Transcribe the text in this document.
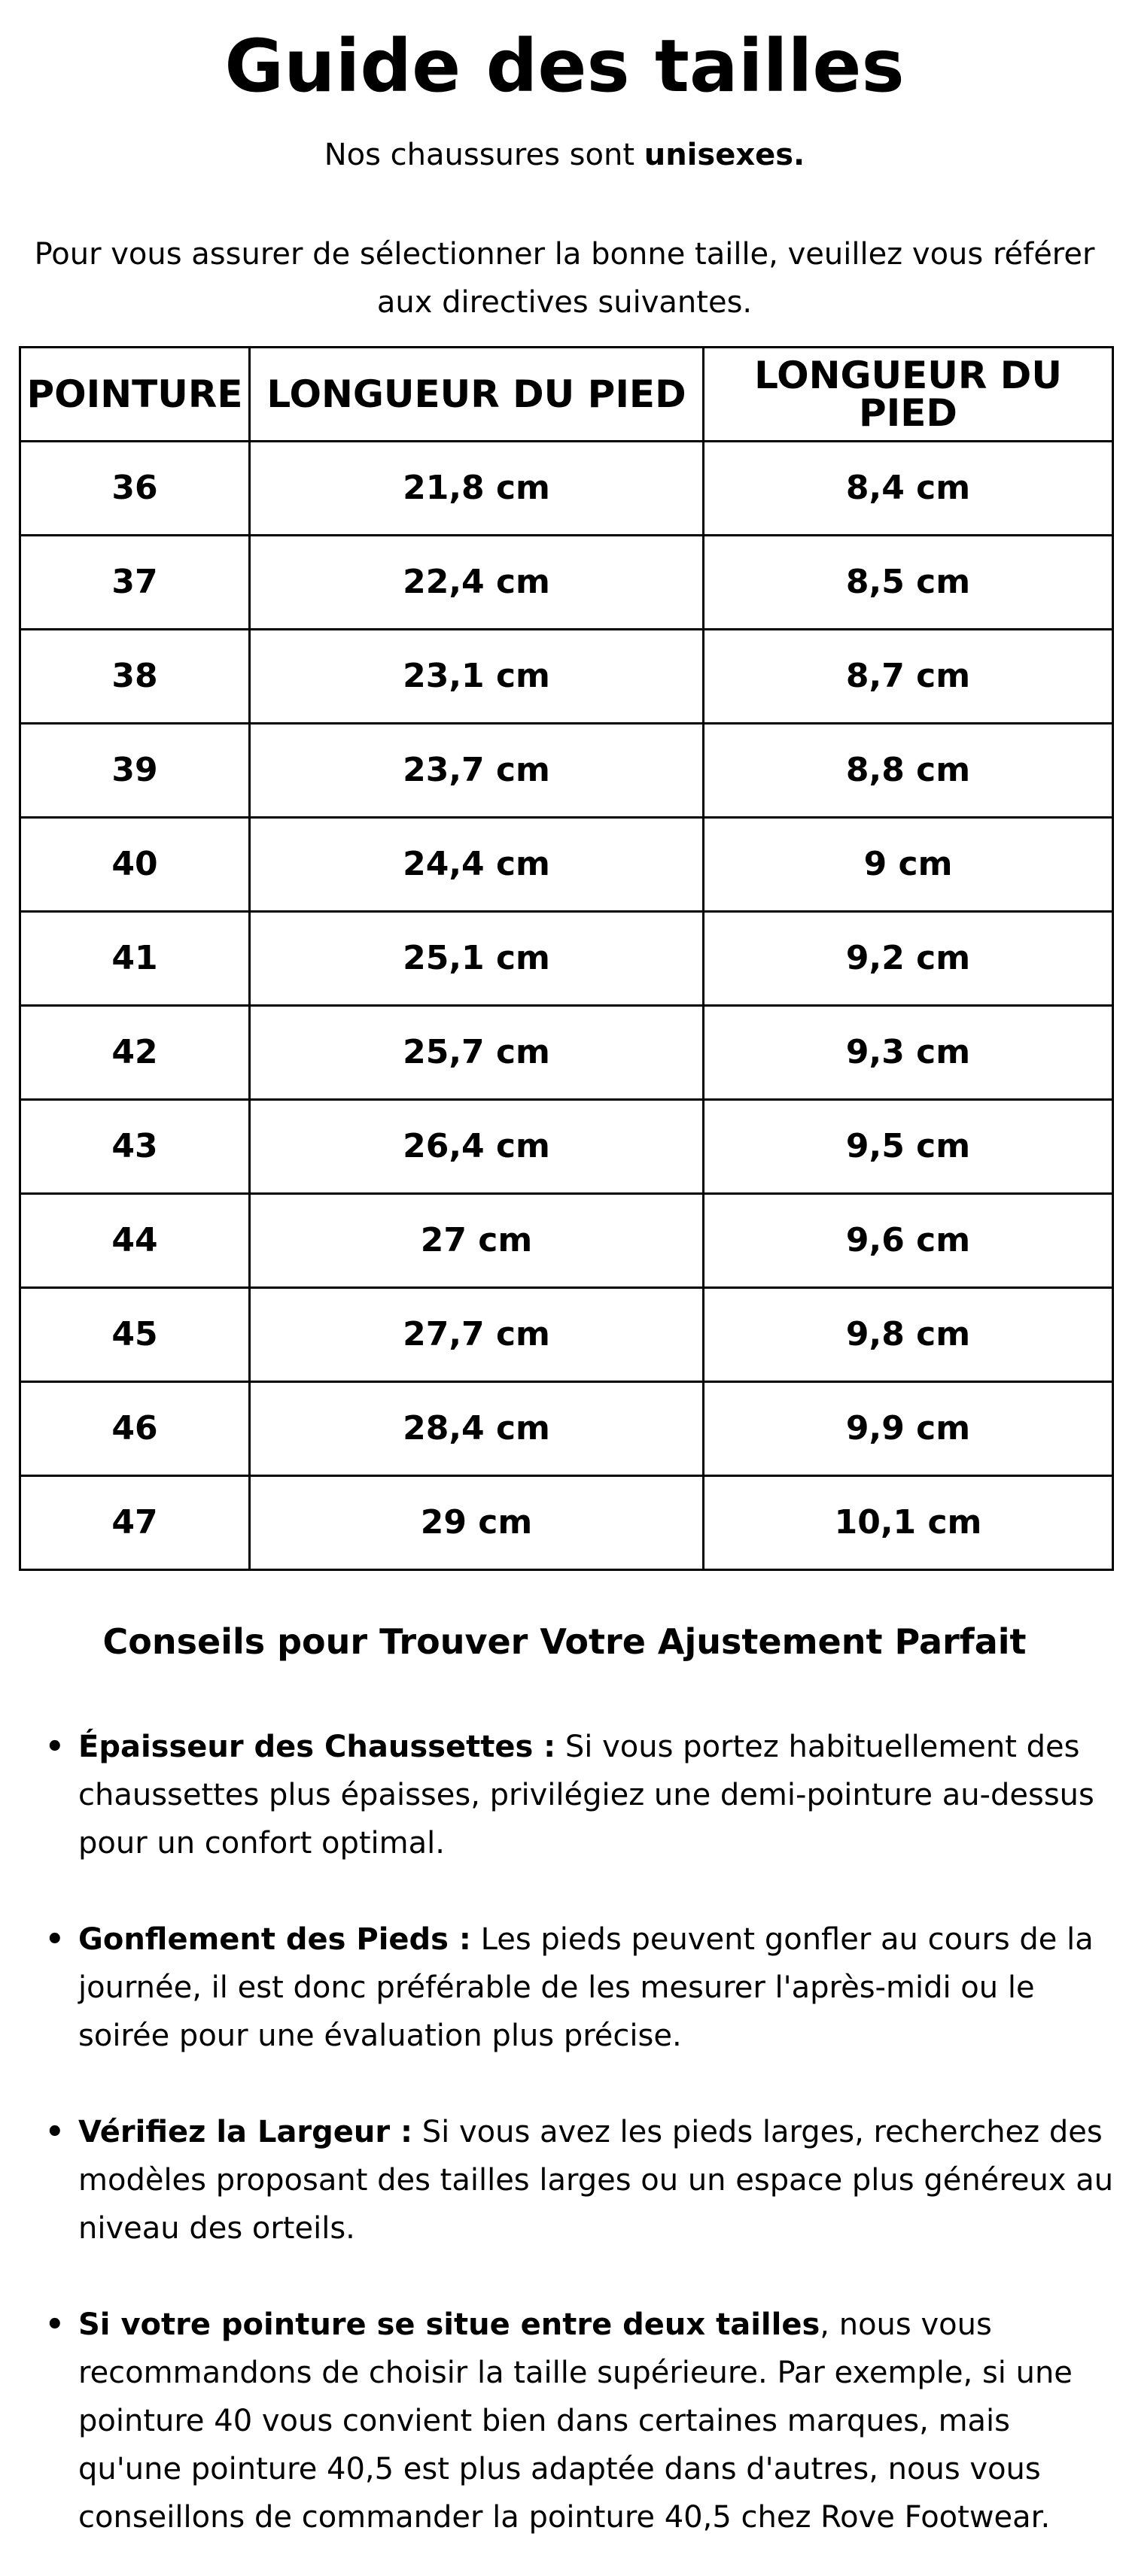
Guide des tailles

Nos chaussures sont unisexes.

Pour vous assurer de sélectionner la bonne taille, veuillez vous référer aux directives suivantes.

POINTURE	LONGUEUR DU PIED	LONGUEUR DU PIED
36	21,8 cm	8,4 cm
37	22,4 cm	8,5 cm
38	23,1 cm	8,7 cm
39	23,7 cm	8,8 cm
40	24,4 cm	9 cm
41	25,1 cm	9,2 cm
42	25,7 cm	9,3 cm
43	26,4 cm	9,5 cm
44	27 cm	9,6 cm
45	27,7 cm	9,8 cm
46	28,4 cm	9,9 cm
47	29 cm	10,1 cm
Conseils pour Trouver Votre Ajustement Parfait
• Épaisseur des Chaussettes : Si vous portez habituellement des chaussettes plus épaisses, privilégiez une demi-pointure au-dessus pour un confort optimal.
• Gonflement des Pieds : Les pieds peuvent gonfler au cours de la journée, il est donc préférable de les mesurer l'après-midi ou le soirée pour une évaluation plus précise.
• Vérifiez la Largeur : Si vous avez les pieds larges, recherchez des modèles proposant des tailles larges ou un espace plus généreux au niveau des orteils.
• Si votre pointure se situe entre deux tailles, nous vous recommandons de choisir la taille supérieure. Par exemple, si une pointure 40 vous convient bien dans certaines marques, mais qu'une pointure 40,5 est plus adaptée dans d'autres, nous vous conseillons de commander la pointure 40,5 chez Rove Footwear.
